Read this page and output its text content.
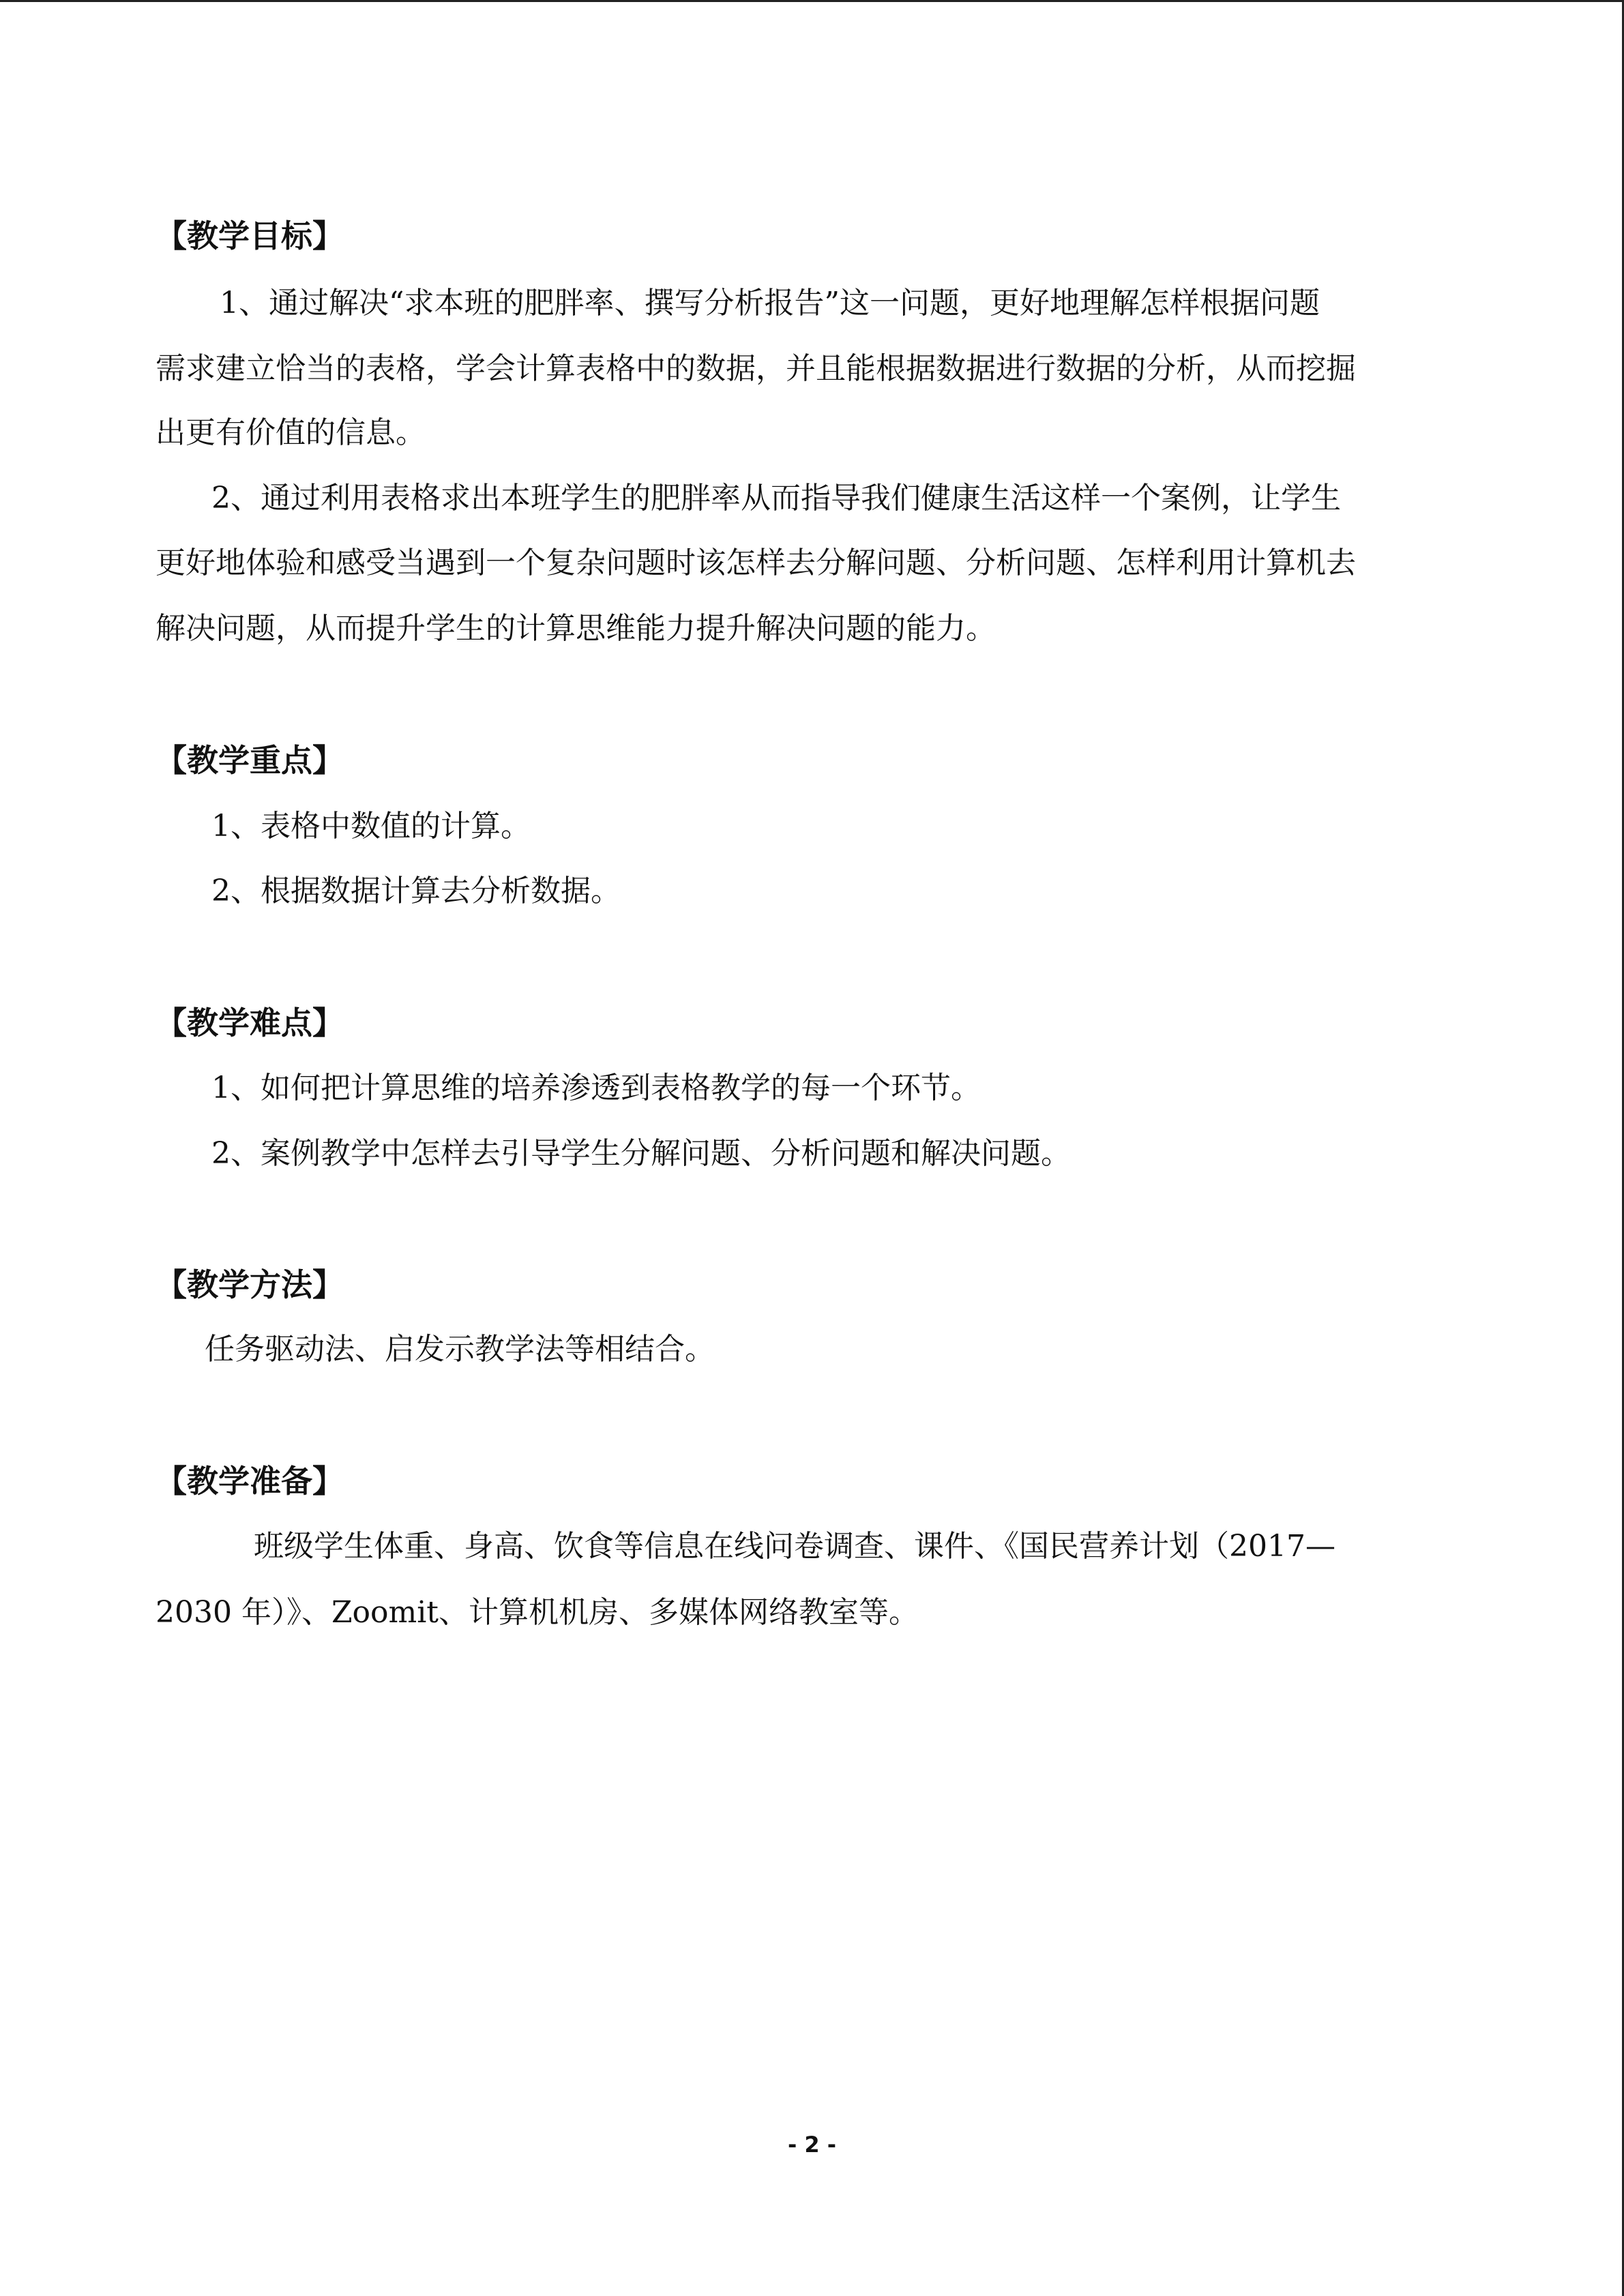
【教学目标】
1、通过解决“求本班的肥胖率、撰写分析报告”这一问题，更好地理解怎样根据问题
需求建立恰当的表格，学会计算表格中的数据，并且能根据数据进行数据的分析，从而挖掘
出更有价值的信息。
2、通过利用表格求出本班学生的肥胖率从而指导我们健康生活这样一个案例，让学生
更好地体验和感受当遇到一个复杂问题时该怎样去分解问题、分析问题、怎样利用计算机去
解决问题，从而提升学生的计算思维能力提升解决问题的能力。
【教学重点】
1、表格中数值的计算。
2、根据数据计算去分析数据。
【教学难点】
1、如何把计算思维的培养渗透到表格教学的每一个环节。
2、案例教学中怎样去引导学生分解问题、分析问题和解决问题。
【教学方法】
任务驱动法、启发示教学法等相结合。
【教学准备】
班级学生体重、身高、饮食等信息在线问卷调查、课件、《国民营养计划（2017—
2030 年）》、Zoomit、计算机机房、多媒体网络教室等。
- 2 -
